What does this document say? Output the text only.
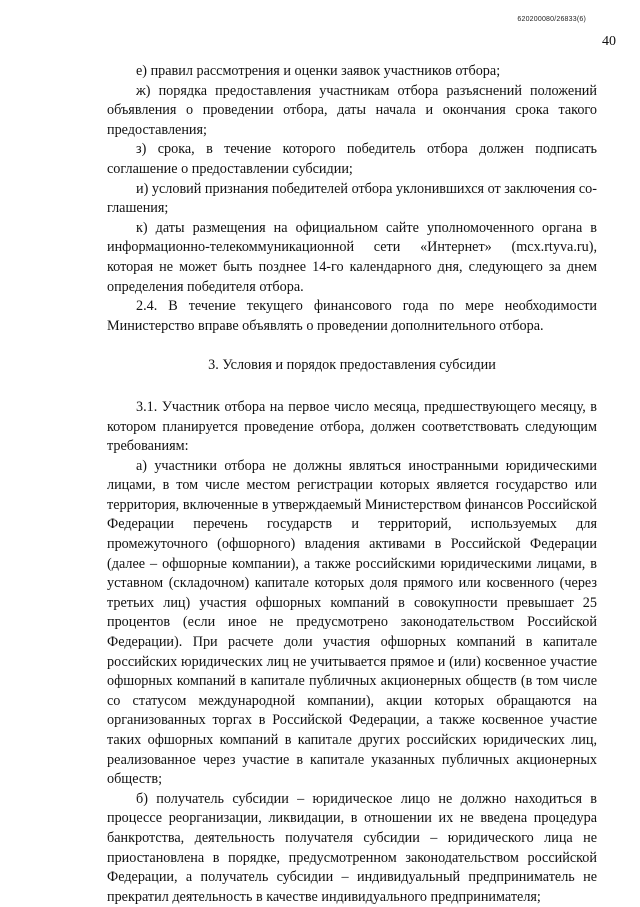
620200080/26833(6)
40

е) правил рассмотрения и оценки заявок участников отбора;

ж) порядка предоставления участникам отбора разъяснений положений объявления о проведении отбора, даты начала и окончания срока такого предоставления;

з) срока, в течение которого победитель отбора должен подписать соглашение о предоставлении субсидии;

и) условий признания победителей отбора уклонившихся от заключения соглашения;

к) даты размещения на официальном сайте уполномоченного органа в информационно-телекоммуникационной сети «Интернет» (mcx.rtyva.ru), которая не может быть позднее 14-го календарного дня, следующего за днем определения победителя отбора.

2.4. В течение текущего финансового года по мере необходимости Министерство вправе объявлять о проведении дополнительного отбора.

3. Условия и порядок предоставления субсидии

3.1. Участник отбора на первое число месяца, предшествующего месяцу, в котором планируется проведение отбора, должен соответствовать следующим требованиям:

а) участники отбора не должны являться иностранными юридическими лицами, в том числе местом регистрации которых является государство или территория, включенные в утверждаемый Министерством финансов Российской Федерации перечень государств и территорий, используемых для промежуточного (офшорного) владения активами в Российской Федерации (далее – офшорные компании), а также российскими юридическими лицами, в уставном (складочном) капитале которых доля прямого или косвенного (через третьих лиц) участия офшорных компаний в совокупности превышает 25 процентов (если иное не предусмотрено законодательством Российской Федерации). При расчете доли участия офшорных компаний в капитале российских юридических лиц не учитывается прямое и (или) косвенное участие офшорных компаний в капитале публичных акционерных обществ (в том числе со статусом международной компании), акции которых обращаются на организованных торгах в Российской Федерации, а также косвенное участие таких офшорных компаний в капитале других российских юридических лиц, реализованное через участие в капитале указанных публичных акционерных обществ;

б) получатель субсидии – юридическое лицо не должно находиться в процессе реорганизации, ликвидации, в отношении их не введена процедура банкротства, деятельность получателя субсидии – юридического лица не приостановлена в порядке, предусмотренном законодательством российской Федерации, а получатель субсидии – индивидуальный предприниматель не прекратил деятельность в качестве индивидуального предпринимателя;
